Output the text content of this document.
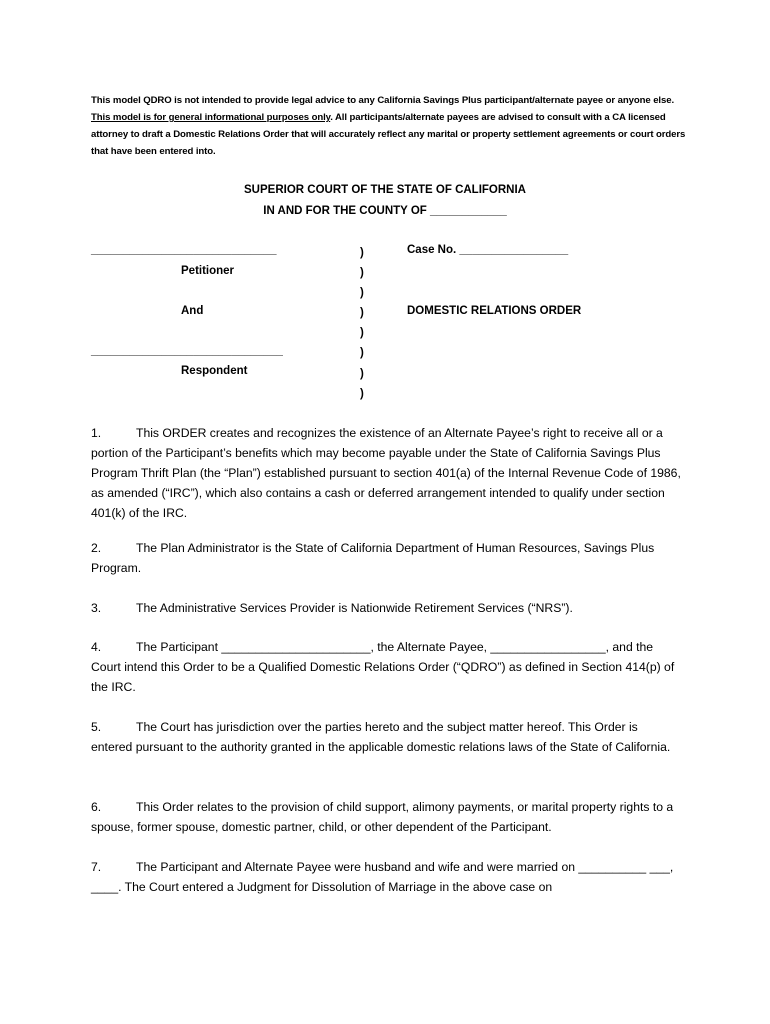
This model QDRO is not intended to provide legal advice to any California Savings Plus participant/alternate payee or anyone else. This model is for general informational purposes only. All participants/alternate payees are advised to consult with a CA licensed attorney to draft a Domestic Relations Order that will accurately reflect any marital or property settlement agreements or court orders that have been entered into.
SUPERIOR COURT OF THE STATE OF CALIFORNIA
IN AND FOR THE COUNTY OF ____________
_____________________________
Petitioner
And
______________________________
Respondent
)
)
)
)
)
)
)
)
Case No. _________________
DOMESTIC RELATIONS ORDER
1.	This ORDER creates and recognizes the existence of an Alternate Payee’s right to receive all or a portion of the Participant’s benefits which may become payable under the State of California Savings Plus Program Thrift Plan (the “Plan”) established pursuant to section 401(a) of the Internal Revenue Code of 1986, as amended (“IRC”), which also contains a cash or deferred arrangement intended to qualify under section 401(k) of the IRC.
2.	The Plan Administrator is the State of California Department of Human Resources, Savings Plus Program.
3.	The Administrative Services Provider is Nationwide Retirement Services (“NRS”).
4.	The Participant ______________________, the Alternate Payee, _________________, and the Court intend this Order to be a Qualified Domestic Relations Order (“QDRO”) as defined in Section 414(p) of the IRC.
5.	The Court has jurisdiction over the parties hereto and the subject matter hereof. This Order is entered pursuant to the authority granted in the applicable domestic relations laws of the State of California.
6.	This Order relates to the provision of child support, alimony payments, or marital property rights to a spouse, former spouse, domestic partner, child, or other dependent of the Participant.
7.	The Participant and Alternate Payee were husband and wife and were married on __________ ___, ____. The Court entered a Judgment for Dissolution of Marriage in the above case on
